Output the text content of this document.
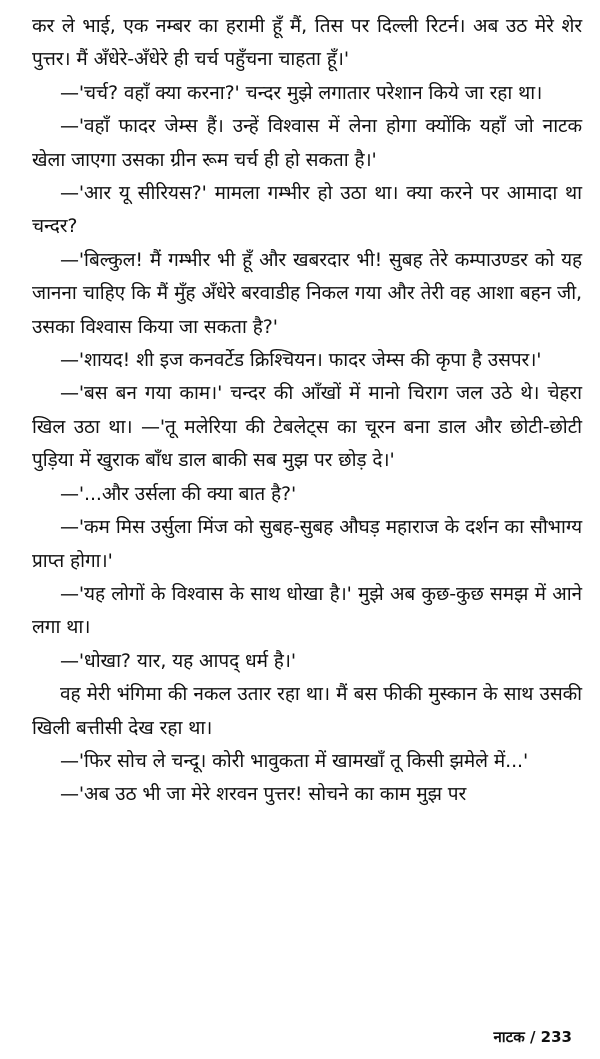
कर ले भाई, एक नम्बर का हरामी हूँ मैं, तिस पर दिल्ली रिटर्न। अब उठ मेरे शेर पुत्तर। मैं अँधेरे-अँधेरे ही चर्च पहुँचना चाहता हूँ।'

—'चर्च? वहाँ क्या करना?' चन्दर मुझे लगातार परेशान किये जा रहा था।

—'वहाँ फादर जेम्स हैं। उन्हें विश्वास में लेना होगा क्योंकि यहाँ जो नाटक खेला जाएगा उसका ग्रीन रूम चर्च ही हो सकता है।'

—'आर यू सीरियस?' मामला गम्भीर हो उठा था। क्या करने पर आमादा था चन्दर?

—'बिल्कुल! मैं गम्भीर भी हूँ और खबरदार भी! सुबह तेरे कम्पाउण्डर को यह जानना चाहिए कि मैं मुँह अँधेरे बरवाडीह निकल गया और तेरी वह आशा बहन जी, उसका विश्वास किया जा सकता है?'

—'शायद! शी इज कनवर्टेड क्रिश्चियन। फादर जेम्स की कृपा है उसपर।'

—'बस बन गया काम।' चन्दर की आँखों में मानो चिराग जल उठे थे। चेहरा खिल उठा था। —'तू मलेरिया की टेबलेट्स का चूरन बना डाल और छोटी-छोटी पुड़िया में खुराक बाँध डाल बाकी सब मुझ पर छोड़ दे।'

—'...और उर्सला की क्या बात है?'

—'कम मिस उर्सुला मिंज को सुबह-सुबह औघड़ महाराज के दर्शन का सौभाग्य प्राप्त होगा।'

—'यह लोगों के विश्वास के साथ धोखा है।' मुझे अब कुछ-कुछ समझ में आने लगा था।

—'धोखा? यार, यह आपद् धर्म है।'

वह मेरी भंगिमा की नकल उतार रहा था। मैं बस फीकी मुस्कान के साथ उसकी खिली बत्तीसी देख रहा था।

—'फिर सोच ले चन्दू। कोरी भावुकता में खामखाँ तू किसी झमेले में...'

—'अब उठ भी जा मेरे शरवन पुत्तर! सोचने का काम मुझ पर

नाटक / 233
